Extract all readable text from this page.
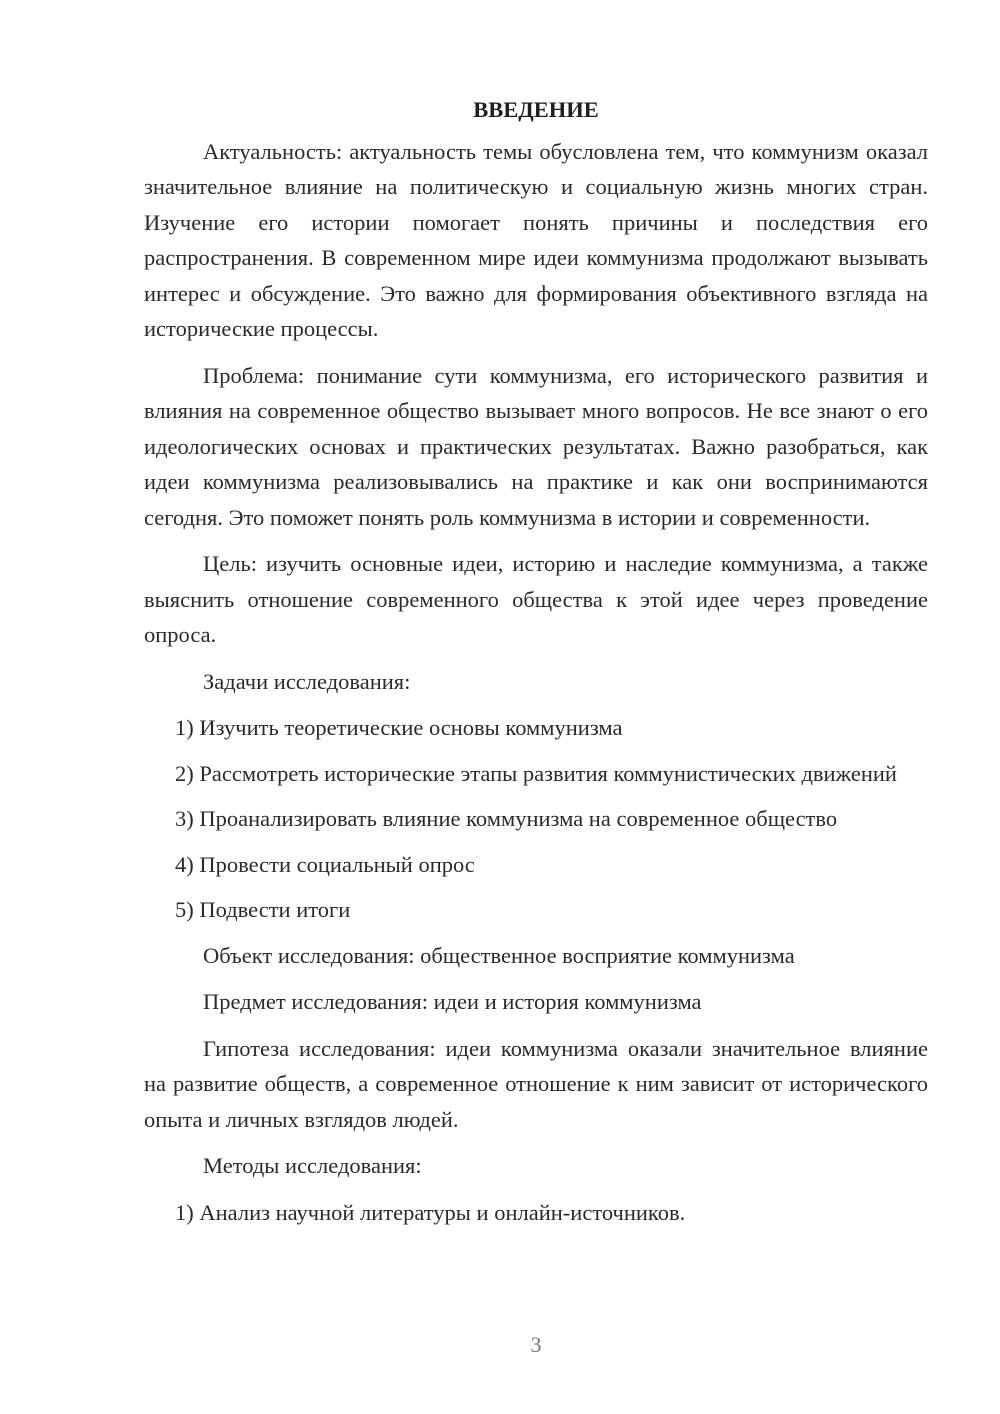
ВВЕДЕНИЕ

Актуальность: актуальность темы обусловлена тем, что коммунизм оказал значительное влияние на политическую и социальную жизнь многих стран. Изучение его истории помогает понять причины и последствия его распространения. В современном мире идеи коммунизма продолжают вызывать интерес и обсуждение. Это важно для формирования объективного взгляда на исторические процессы.

Проблема: понимание сути коммунизма, его исторического развития и влияния на современное общество вызывает много вопросов. Не все знают о его идеологических основах и практических результатах. Важно разобраться, как идеи коммунизма реализовывались на практике и как они воспринимаются сегодня. Это поможет понять роль коммунизма в истории и современности.

Цель: изучить основные идеи, историю и наследие коммунизма, а также выяснить отношение современного общества к этой идее через проведение опроса.

Задачи исследования:

1) Изучить теоретические основы коммунизма

2) Рассмотреть исторические этапы развития коммунистических движений

3) Проанализировать влияние коммунизма на современное общество

4) Провести социальный опрос

5) Подвести итоги

Объект исследования: общественное восприятие коммунизма

Предмет исследования: идеи и история коммунизма

Гипотеза исследования: идеи коммунизма оказали значительное влияние на развитие обществ, а современное отношение к ним зависит от исторического опыта и личных взглядов людей.

Методы исследования:

1) Анализ научной литературы и онлайн-источников.

3
